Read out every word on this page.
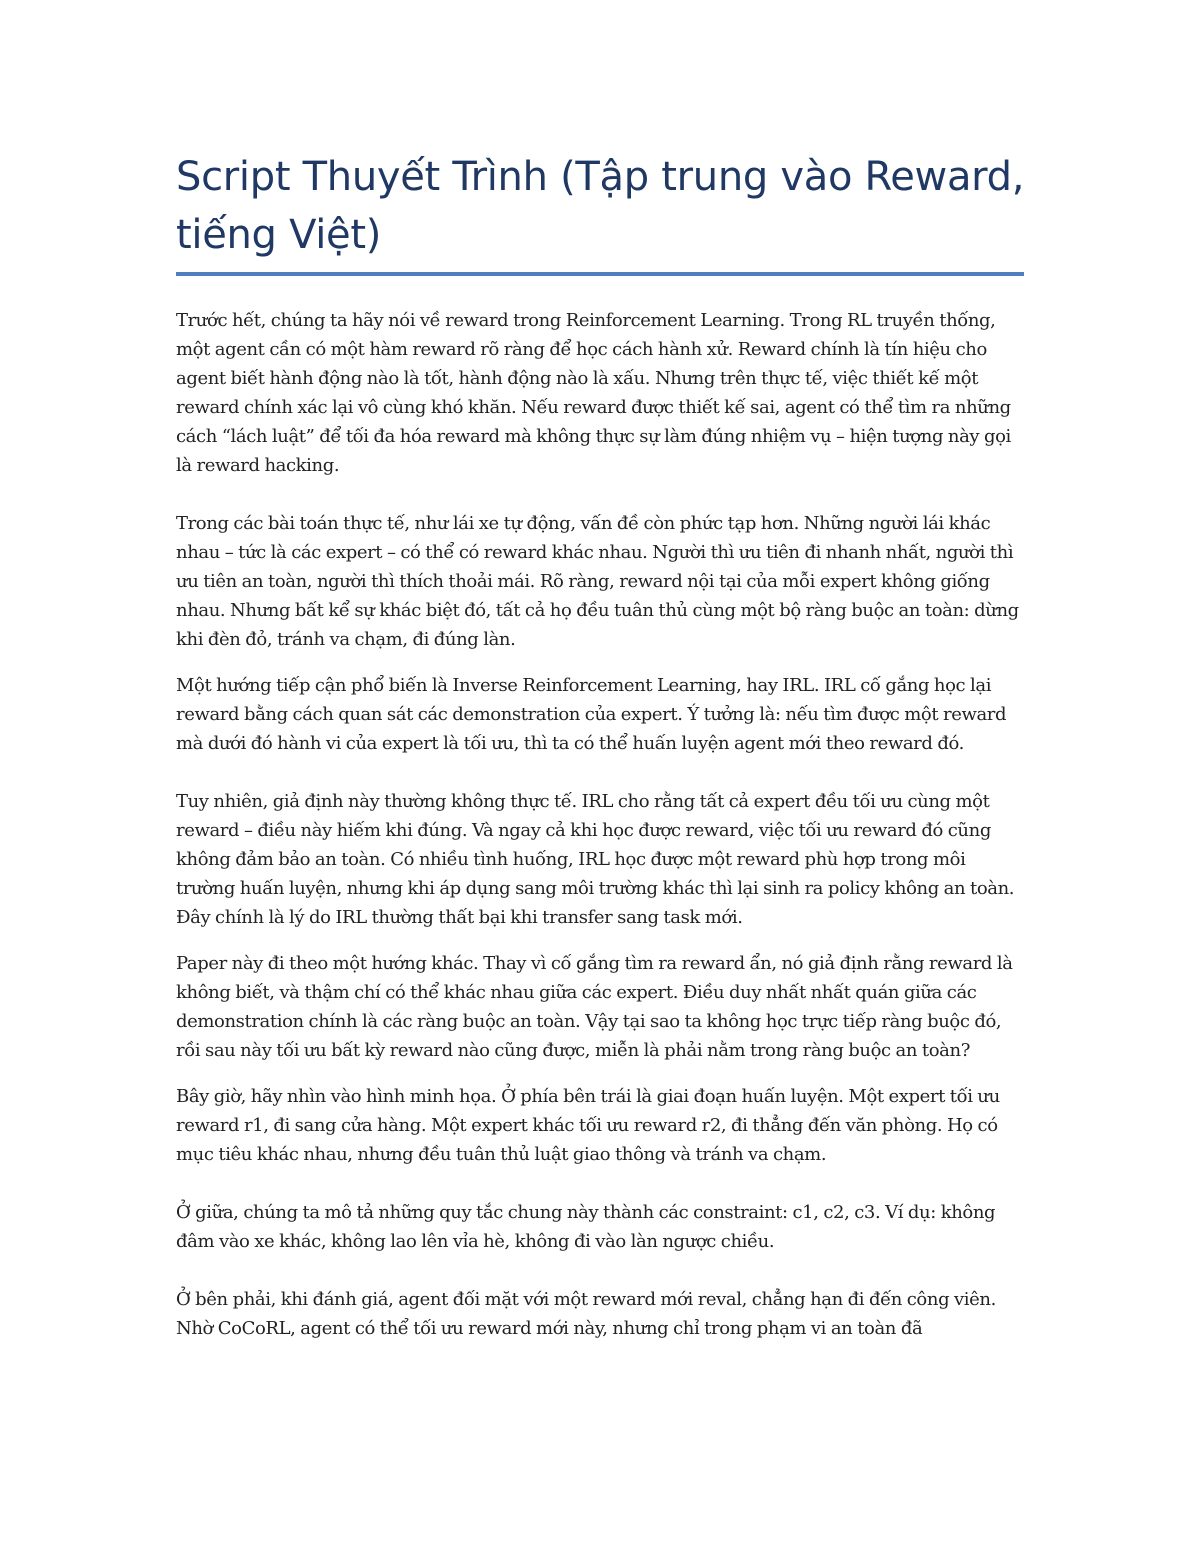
Script Thuyết Trình (Tập trung vào Reward, tiếng Việt)

Trước hết, chúng ta hãy nói về reward trong Reinforcement Learning. Trong RL truyền thống, một agent cần có một hàm reward rõ ràng để học cách hành xử. Reward chính là tín hiệu cho agent biết hành động nào là tốt, hành động nào là xấu. Nhưng trên thực tế, việc thiết kế một reward chính xác lại vô cùng khó khăn. Nếu reward được thiết kế sai, agent có thể tìm ra những cách “lách luật” để tối đa hóa reward mà không thực sự làm đúng nhiệm vụ – hiện tượng này gọi là reward hacking.

Trong các bài toán thực tế, như lái xe tự động, vấn đề còn phức tạp hơn. Những người lái khác nhau – tức là các expert – có thể có reward khác nhau. Người thì ưu tiên đi nhanh nhất, người thì ưu tiên an toàn, người thì thích thoải mái. Rõ ràng, reward nội tại của mỗi expert không giống nhau. Nhưng bất kể sự khác biệt đó, tất cả họ đều tuân thủ cùng một bộ ràng buộc an toàn: dừng khi đèn đỏ, tránh va chạm, đi đúng làn.

Một hướng tiếp cận phổ biến là Inverse Reinforcement Learning, hay IRL. IRL cố gắng học lại reward bằng cách quan sát các demonstration của expert. Ý tưởng là: nếu tìm được một reward mà dưới đó hành vi của expert là tối ưu, thì ta có thể huấn luyện agent mới theo reward đó.

Tuy nhiên, giả định này thường không thực tế. IRL cho rằng tất cả expert đều tối ưu cùng một reward – điều này hiếm khi đúng. Và ngay cả khi học được reward, việc tối ưu reward đó cũng không đảm bảo an toàn. Có nhiều tình huống, IRL học được một reward phù hợp trong môi trường huấn luyện, nhưng khi áp dụng sang môi trường khác thì lại sinh ra policy không an toàn. Đây chính là lý do IRL thường thất bại khi transfer sang task mới.

Paper này đi theo một hướng khác. Thay vì cố gắng tìm ra reward ẩn, nó giả định rằng reward là không biết, và thậm chí có thể khác nhau giữa các expert. Điều duy nhất nhất quán giữa các demonstration chính là các ràng buộc an toàn. Vậy tại sao ta không học trực tiếp ràng buộc đó, rồi sau này tối ưu bất kỳ reward nào cũng được, miễn là phải nằm trong ràng buộc an toàn?

Bây giờ, hãy nhìn vào hình minh họa. Ở phía bên trái là giai đoạn huấn luyện. Một expert tối ưu reward r1, đi sang cửa hàng. Một expert khác tối ưu reward r2, đi thẳng đến văn phòng. Họ có mục tiêu khác nhau, nhưng đều tuân thủ luật giao thông và tránh va chạm.

Ở giữa, chúng ta mô tả những quy tắc chung này thành các constraint: c1, c2, c3. Ví dụ: không đâm vào xe khác, không lao lên vỉa hè, không đi vào làn ngược chiều.

Ở bên phải, khi đánh giá, agent đối mặt với một reward mới reval, chẳng hạn đi đến công viên. Nhờ CoCoRL, agent có thể tối ưu reward mới này, nhưng chỉ trong phạm vi an toàn đã
